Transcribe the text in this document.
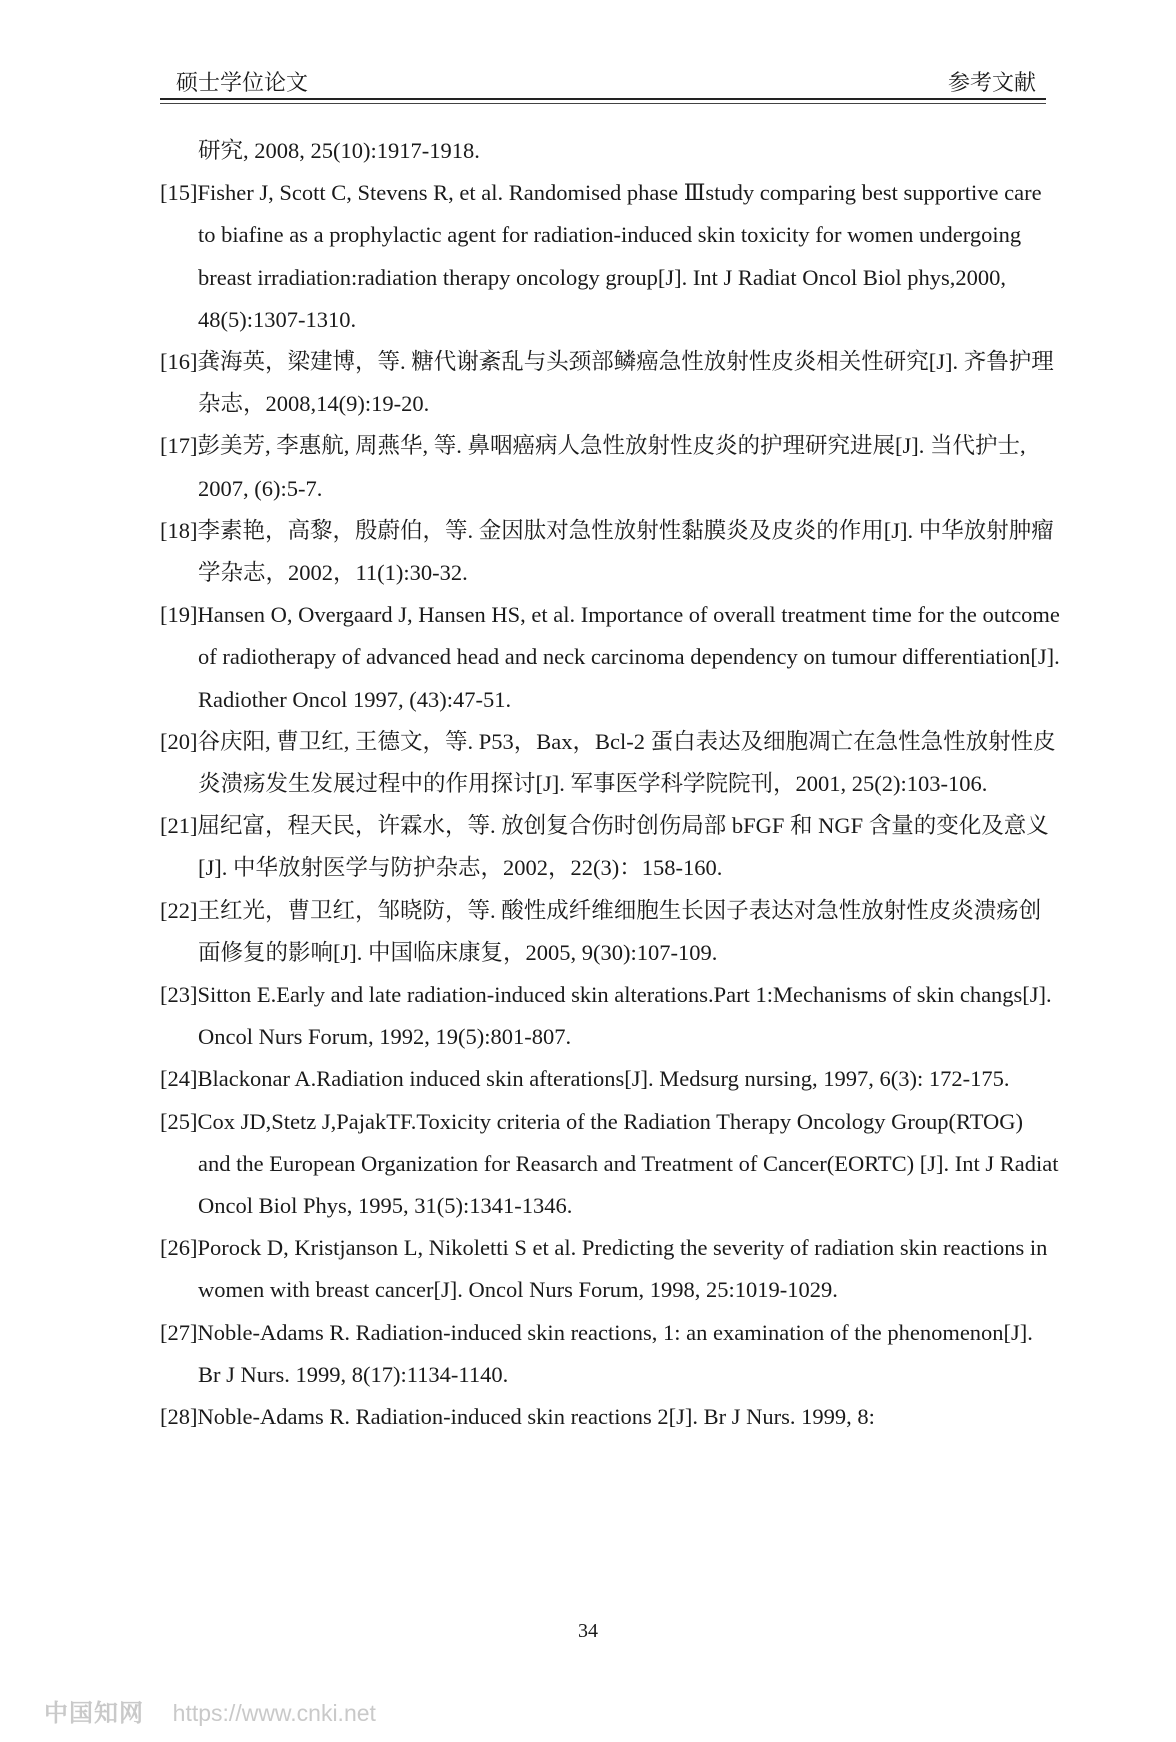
硕士学位论文	参考文献

研究, 2008, 25(10):1917-1918.

[15]Fisher J, Scott C, Stevens R, et al. Randomised phase Ⅲstudy comparing best supportive care to biafine as a prophylactic agent for radiation-induced skin toxicity for women undergoing breast irradiation:radiation therapy oncology group[J]. Int J Radiat Oncol Biol phys,2000, 48(5):1307-1310.

[16]龚海英，梁建博，等. 糖代谢紊乱与头颈部鳞癌急性放射性皮炎相关性研究[J]. 齐鲁护理杂志，2008,14(9):19-20.

[17]彭美芳, 李惠航, 周燕华, 等. 鼻咽癌病人急性放射性皮炎的护理研究进展[J]. 当代护士, 2007, (6):5-7.

[18]李素艳，高黎，殷蔚伯，等. 金因肽对急性放射性黏膜炎及皮炎的作用[J]. 中华放射肿瘤学杂志，2002，11(1):30-32.

[19]Hansen O, Overgaard J, Hansen HS, et al. Importance of overall treatment time for the outcome of radiotherapy of advanced head and neck carcinoma dependency on tumour differentiation[J]. Radiother Oncol 1997, (43):47-51.

[20]谷庆阳, 曹卫红, 王德文，等. P53，Bax，Bcl-2 蛋白表达及细胞凋亡在急性急性放射性皮炎溃疡发生发展过程中的作用探讨[J]. 军事医学科学院院刊，2001, 25(2):103-106.

[21]屈纪富，程天民，许霖水，等. 放创复合伤时创伤局部 bFGF 和 NGF 含量的变化及意义[J]. 中华放射医学与防护杂志，2002，22(3)：158-160.

[22]王红光，曹卫红，邹晓防，等. 酸性成纤维细胞生长因子表达对急性放射性皮炎溃疡创面修复的影响[J]. 中国临床康复，2005, 9(30):107-109.

[23]Sitton E.Early and late radiation-induced skin alterations.Part 1:Mechanisms of skin changs[J]. Oncol Nurs Forum, 1992, 19(5):801-807.

[24]Blackonar A.Radiation induced skin afterations[J]. Medsurg nursing, 1997, 6(3): 172-175.

[25]Cox JD,Stetz J,PajakTF.Toxicity criteria of the Radiation Therapy Oncology Group(RTOG) and the European Organization for Reasarch and Treatment of Cancer(EORTC) [J]. Int J Radiat Oncol Biol Phys, 1995, 31(5):1341-1346.

[26]Porock D, Kristjanson L, Nikoletti S et al. Predicting the severity of radiation skin reactions in women with breast cancer[J]. Oncol Nurs Forum, 1998, 25:1019-1029.

[27]Noble-Adams R. Radiation-induced skin reactions, 1: an examination of the phenomenon[J]. Br J Nurs. 1999, 8(17):1134-1140.

[28]Noble-Adams R. Radiation-induced skin reactions 2[J]. Br J Nurs. 1999, 8:

34
中国知网 https://www.cnki.net
